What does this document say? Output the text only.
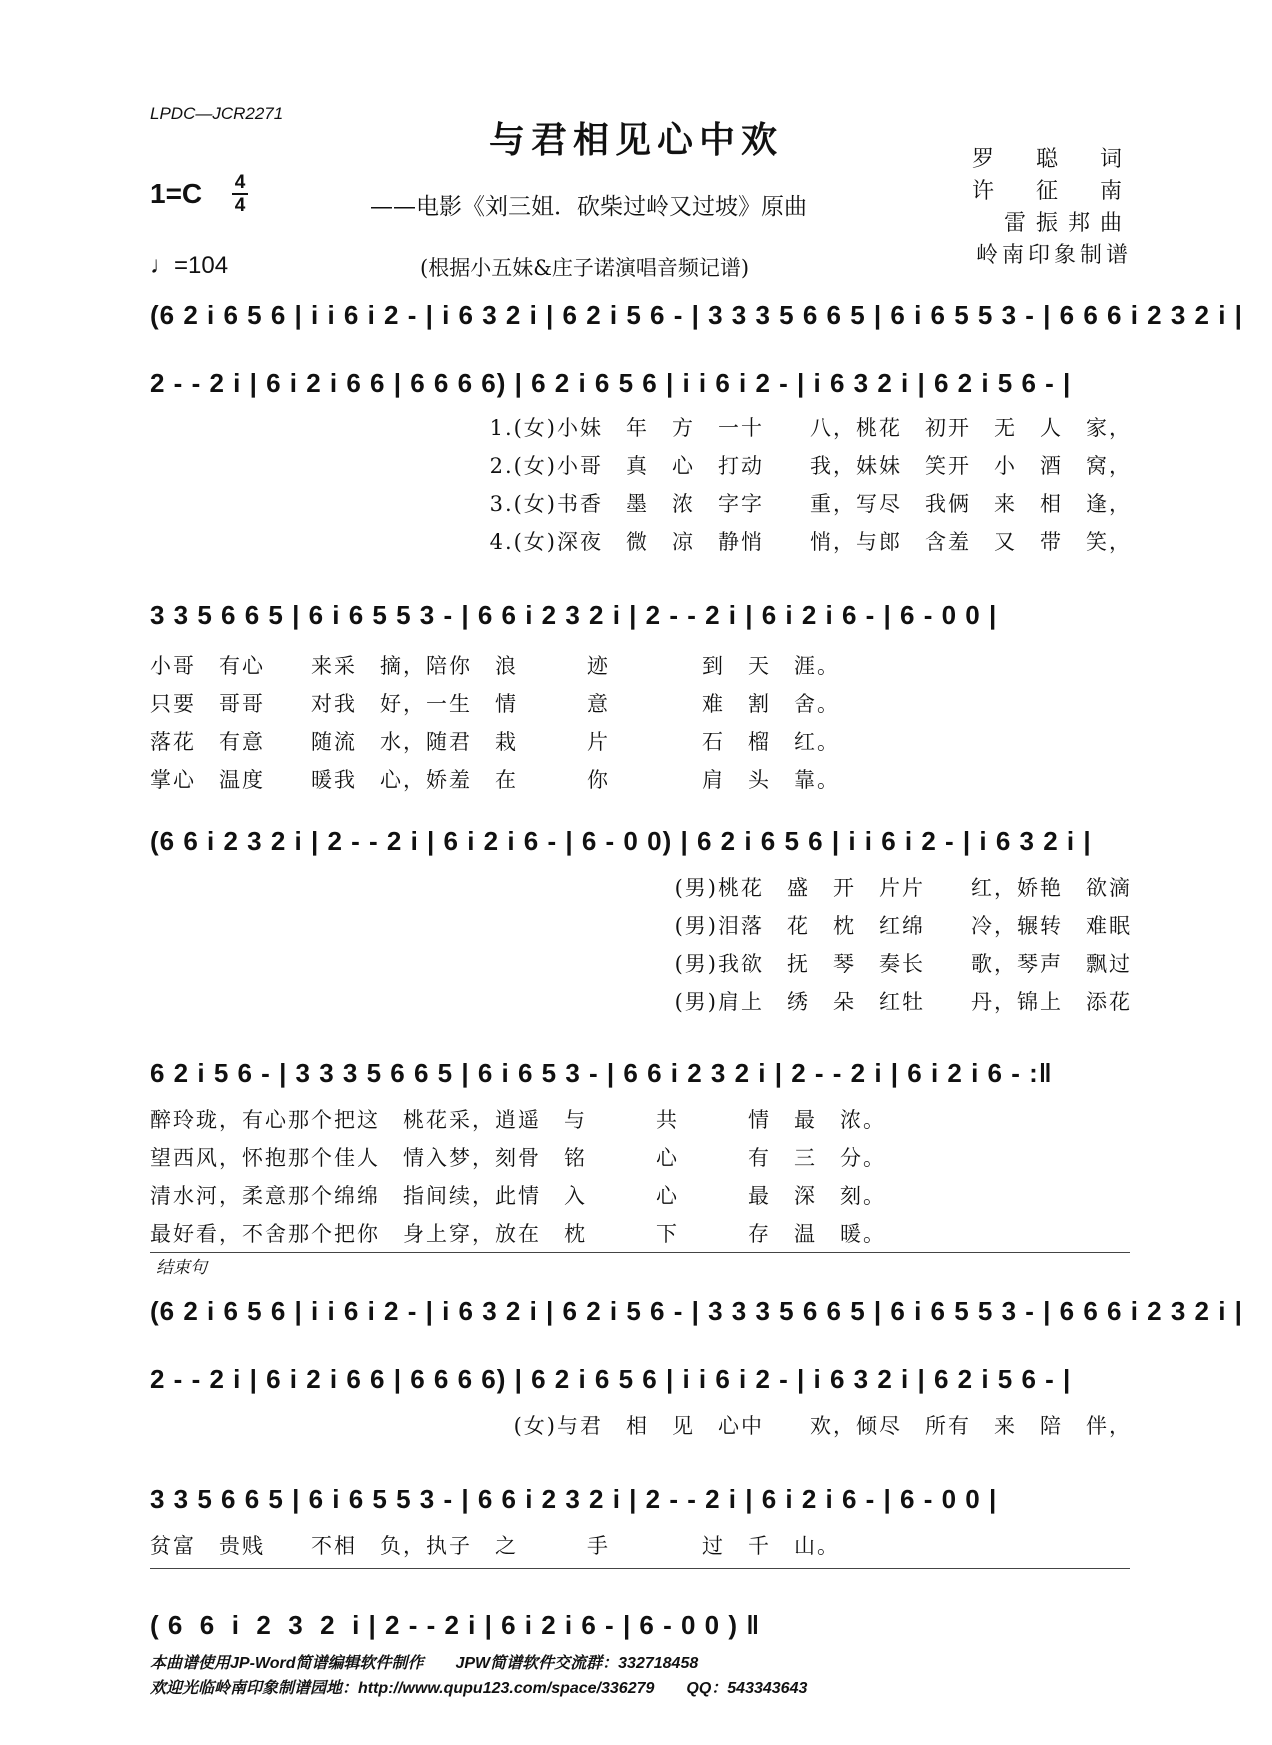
LPDC—JCR2271
与君相见心中欢
——电影《刘三姐．砍柴过岭又过坡》原曲
罗　聪　词
许　征　南
雷振邦曲
岭南印象制谱
1=C 4
4
♩=104	(根据小五妹&庄子诺演唱音频记谱)
(6 2 i 6 5 6 | i i 6 i 2 - | i 6 3 2 i | 6 2 i 5 6 - | 3 3 3 5 6 6 5 | 6 i 6 5 5 3 - | 6 6 6 i 2 3 2 i |
2 - - 2 i | 6 i 2 i 6 6 | 6 6 6 6) | 6 2 i 6 5 6 | i i 6 i 2 - | i 6 3 2 i | 6 2 i 5 6 - |
1.(女)小妹　年　方　一十　　八，桃花　初开　无　人　家，
2.(女)小哥　真　心　打动　　我，妹妹　笑开　小　酒　窝，
3.(女)书香　墨　浓　字字　　重，写尽　我俩　来　相　逢，
4.(女)深夜　微　凉　静悄　　悄，与郎　含羞　又　带　笑，
3 3 5 6 6 5 | 6 i 6 5 5 3 - | 6 6 i 2 3 2 i | 2 - - 2 i | 6 i 2 i 6 - | 6 - 0 0 |
小哥　有心　　来采　摘，陪你　浪　　　迹　　　　到　天　涯。
只要　哥哥　　对我　好，一生　情　　　意　　　　难　割　舍。
落花　有意　　随流　水，随君　栽　　　片　　　　石　榴　红。
掌心　温度　　暖我　心，娇羞　在　　　你　　　　肩　头　靠。
(6 6 i 2 3 2 i | 2 - - 2 i | 6 i 2 i 6 - | 6 - 0 0) | 6 2 i 6 5 6 | i i 6 i 2 - | i 6 3 2 i |
(男)桃花　盛　开　片片　　红，娇艳　欲滴
(男)泪落　花　枕　红绵　　冷，辗转　难眠
(男)我欲　抚　琴　奏长　　歌，琴声　飘过
(男)肩上　绣　朵　红牡　　丹，锦上　添花
6 2 i 5 6 - | 3 3 3 5 6 6 5 | 6 i 6 5 3 - | 6 6 i 2 3 2 i | 2 - - 2 i | 6 i 2 i 6 - :‖
醉玲珑，有心那个把这　桃花采，逍遥　与　　　共　　　情　最　浓。
望西风，怀抱那个佳人　情入梦，刻骨　铭　　　心　　　有　三　分。
清水河，柔意那个绵绵　指间续，此情　入　　　心　　　最　深　刻。
最好看，不舍那个把你　身上穿，放在　枕　　　下　　　存　温　暖。
结束句
(6 2 i 6 5 6 | i i 6 i 2 - | i 6 3 2 i | 6 2 i 5 6 - | 3 3 3 5 6 6 5 | 6 i 6 5 5 3 - | 6 6 6 i 2 3 2 i |
2 - - 2 i | 6 i 2 i 6 6 | 6 6 6 6) | 6 2 i 6 5 6 | i i 6 i 2 - | i 6 3 2 i | 6 2 i 5 6 - |
(女)与君　相　见　心中　　欢，倾尽　所有　来　陪　伴，
3 3 5 6 6 5 | 6 i 6 5 5 3 - | 6 6 i 2 3 2 i | 2 - - 2 i | 6 i 2 i 6 - | 6 - 0 0 |
贫富　贵贱　　不相　负，执子　之　　　手　　　　过　千　山。
( 6  6  i  2  3  2  i | 2 - - 2 i | 6 i 2 i 6 - | 6 - 0 0 ) ‖
本曲谱使用JP-Word简谱编辑软件制作　　JPW简谱软件交流群：332718458
欢迎光临岭南印象制谱园地：http://www.qupu123.com/space/336279　　QQ：543343643
